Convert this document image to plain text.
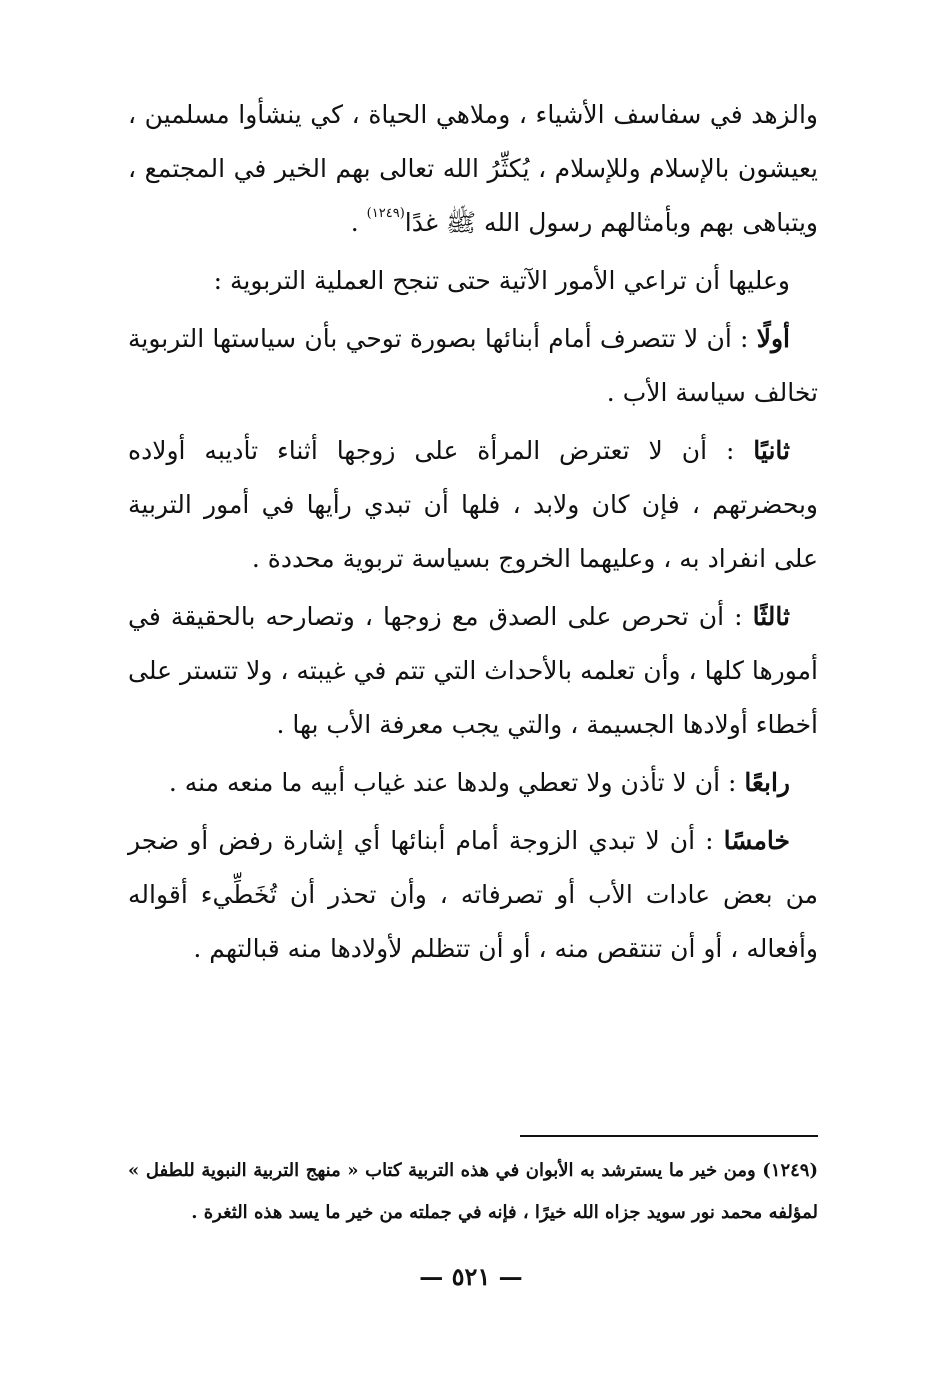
والزهد في سفاسف الأشياء ، وملاهي الحياة ، كي ينشأوا مسلمين ، يعيشون بالإسلام وللإسلام ، يُكثِّرُ الله تعالى بهم الخير في المجتمع ، ويتباهى بهم وبأمثالهم رسول الله ﷺ غدًا$^{(١٢٤٩)}$ .

وعليها أن تراعي الأمور الآتية حتى تنجح العملية التربوية :

أولًا : أن لا تتصرف أمام أبنائها بصورة توحي بأن سياستها التربوية تخالف سياسة الأب .

ثانيًا : أن لا تعترض المرأة على زوجها أثناء تأديبه أولاده وبحضرتهم ، فإن كان ولابد ، فلها أن تبدي رأيها في أمور التربية على انفراد به ، وعليهما الخروج بسياسة تربوية محددة .

ثالثًا : أن تحرص على الصدق مع زوجها ، وتصارحه بالحقيقة في أمورها كلها ، وأن تعلمه بالأحداث التي تتم في غيبته ، ولا تتستر على أخطاء أولادها الجسيمة ، والتي يجب معرفة الأب بها .

رابعًا : أن لا تأذن ولا تعطي ولدها عند غياب أبيه ما منعه منه .

خامسًا : أن لا تبدي الزوجة أمام أبنائها أي إشارة رفض أو ضجر من بعض عادات الأب أو تصرفاته ، وأن تحذر أن تُخَطِّيء أقواله وأفعاله ، أو أن تنتقص منه ، أو أن تتظلم لأولادها منه قبالتهم .

(١٢٤٩) ومن خير ما يسترشد به الأبوان في هذه التربية كتاب « منهج التربية النبوية للطفل » لمؤلفه محمد نور سويد جزاه الله خيرًا ، فإنه في جملته من خير ما يسد هذه الثغرة .

— ٥٢١ —
